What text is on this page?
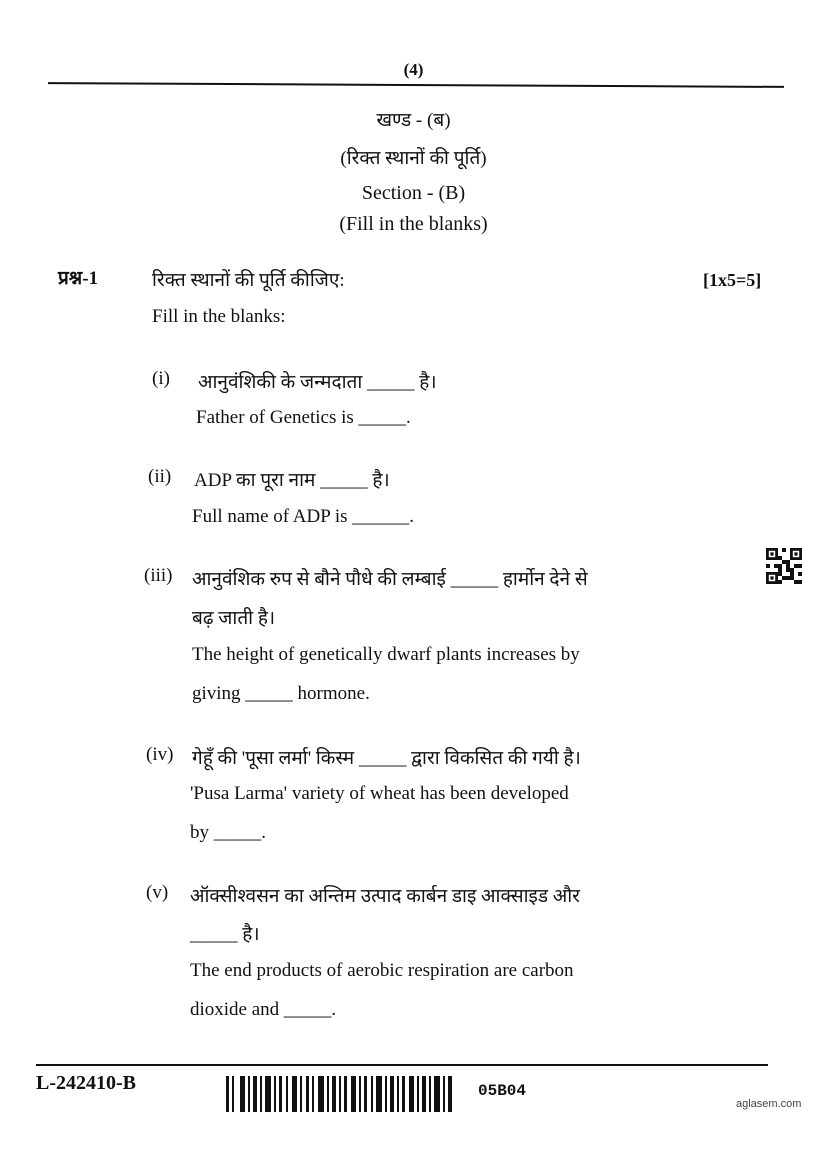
(4)
खण्ड - (ब)
(रिक्त स्थानों की पूर्ति)
Section - (B)
(Fill in the blanks)
प्रश्न-1	रिक्त स्थानों की पूर्ति कीजिए:	[1x5=5]
Fill in the blanks:
(i) आनुवंशिकी के जन्मदाता _____ है।
Father of Genetics is _____.
(ii) ADP का पूरा नाम _____ है।
Full name of ADP is ______.
(iii) आनुवंशिक रुप से बौने पौधे की लम्बाई _____ हार्मोन देने से
बढ़ जाती है।
The height of genetically dwarf plants increases by
giving _____ hormone.
(iv) गेहूँ की 'पूसा लर्मा' किस्म _____ द्वारा विकसित की गयी है।
'Pusa Larma' variety of wheat has been developed
by _____.
(v) ऑक्सीश्वसन का अन्तिम उत्पाद कार्बन डाइ आक्साइड और
_____ है।
The end products of aerobic respiration are carbon
dioxide and _____.
L-242410-B	05B04
aglasem.com
